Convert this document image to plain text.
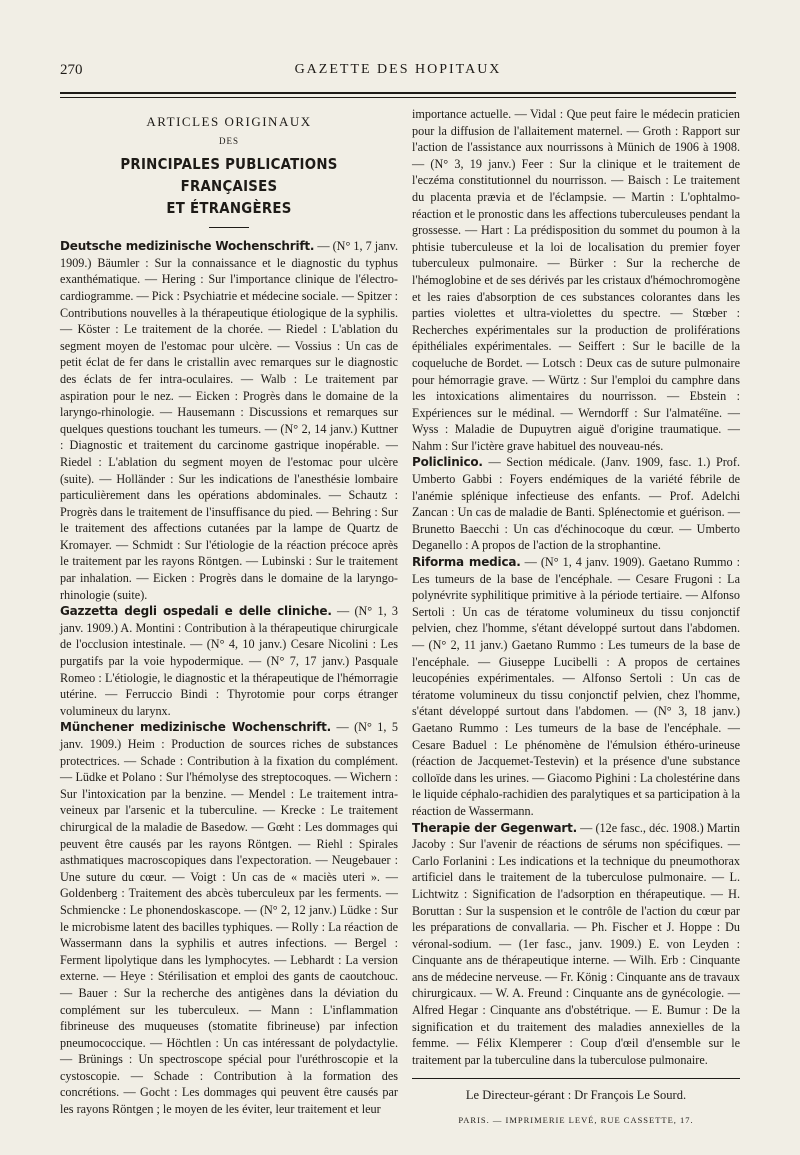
270	GAZETTE DES HOPITAUX
ARTICLES ORIGINAUX
DES
PRINCIPALES PUBLICATIONS FRANÇAISES
ET ÉTRANGÈRES

Deutsche medizinische Wochenschrift. — (N° 1, 7 janv. 1909.) Bäumler : Sur la connaissance et le diagnostic du typhus exanthématique. — Hering : Sur l'importance clinique de l'électro-cardiogramme. — Pick : Psychiatrie et médecine sociale. — Spitzer : Contributions nouvelles à la thérapeutique étiologique de la syphilis. — Köster : Le traitement de la chorée. — Riedel : L'ablation du segment moyen de l'estomac pour ulcère. — Vossius : Un cas de petit éclat de fer dans le cristallin avec remarques sur le diagnostic des éclats de fer intra-oculaires. — Walb : Le traitement par aspiration pour le nez. — Eicken : Progrès dans le domaine de la laryngo-rhinologie. — Hausemann : Discussions et remarques sur quelques questions touchant les tumeurs. — (N° 2, 14 janv.) Kuttner : Diagnostic et traitement du carcinome gastrique inopérable. — Riedel : L'ablation du segment moyen de l'estomac pour ulcère (suite). — Holländer : Sur les indications de l'anesthésie lombaire particulièrement dans les opérations abdominales. — Schautz : Progrès dans le traitement de l'insuffisance du pied. — Behring : Sur le traitement des affections cutanées par la lampe de Quartz de Kromayer. — Schmidt : Sur l'étiologie de la réaction précoce après le traitement par les rayons Röntgen. — Lubinski : Sur le traitement par inhalation. — Eicken : Progrès dans le domaine de la laryngo-rhinologie (suite).

Gazzetta degli ospedali e delle cliniche. — (N° 1, 3 janv. 1909.) A. Montini : Contribution à la thérapeutique chirurgicale de l'occlusion intestinale. — (N° 4, 10 janv.) Cesare Nicolini : Les purgatifs par la voie hypodermique. — (N° 7, 17 janv.) Pasquale Romeo : L'étiologie, le diagnostic et la thérapeutique de l'hémorragie utérine. — Ferruccio Bindi : Thyrotomie pour corps étranger volumineux du larynx.

Münchener medizinische Wochenschrift. — (N° 1, 5 janv. 1909.) Heim : Production de sources riches de substances protectrices. — Schade : Contribution à la fixation du complément. — Lüdke et Polano : Sur l'hémolyse des streptocoques. — Wichern : Sur l'intoxication par la benzine. — Mendel : Le traitement intra-veineux par l'arsenic et la tuberculine. — Krecke : Le traitement chirurgical de la maladie de Basedow. — Gœht : Les dommages qui peuvent être causés par les rayons Röntgen. — Riehl : Spirales asthmatiques macroscopiques dans l'expectoration. — Neugebauer : Une suture du cœur. — Voigt : Un cas de « maciès uteri ». — Goldenberg : Traitement des abcès tuberculeux par les ferments. — Schmiencke : Le phonendoskascope. — (N° 2, 12 janv.) Lüdke : Sur le microbisme latent des bacilles typhiques. — Rolly : La réaction de Wassermann dans la syphilis et autres infections. — Bergel : Ferment lipolytique dans les lymphocytes. — Lebhardt : La version externe. — Heye : Stérilisation et emploi des gants de caoutchouc. — Bauer : Sur la recherche des antigènes dans la déviation du complément sur les tuberculeux. — Mann : L'inflammation fibrineuse des muqueuses (stomatite fibrineuse) par infection pneumococcique. — Höchtlen : Un cas intéressant de polydactylie. — Brünings : Un spectroscope spécial pour l'uréthroscopie et la cystoscopie. — Schade : Contribution à la formation des concrétions. — Gocht : Les dommages qui peuvent être causés par les rayons Röntgen ; le moyen de les éviter, leur traitement et leur

importance actuelle. — Vidal : Que peut faire le médecin praticien pour la diffusion de l'allaitement maternel. — Groth : Rapport sur l'action de l'assistance aux nourrissons à Münich de 1906 à 1908. — (N° 3, 19 janv.) Feer : Sur la clinique et le traitement de l'eczéma constitutionnel du nourrisson. — Baisch : Le traitement du placenta prævia et de l'éclampsie. — Martin : L'ophtalmo-réaction et le pronostic dans les affections tuberculeuses pendant la grossesse. — Hart : La prédisposition du sommet du poumon à la phtisie tuberculeuse et la loi de localisation du premier foyer tuberculeux pulmonaire. — Bürker : Sur la recherche de l'hémoglobine et de ses dérivés par les cristaux d'hémochromogène et les raies d'absorption de ces substances colorantes dans les parties violettes et ultra-violettes du spectre. — Stœber : Recherches expérimentales sur la production de proliférations épithéliales expérimentales. — Seiffert : Sur le bacille de la coqueluche de Bordet. — Lotsch : Deux cas de suture pulmonaire pour hémorragie grave. — Würtz : Sur l'emploi du camphre dans les intoxications alimentaires du nourrisson. — Ebstein : Expériences sur le médinal. — Werndorff : Sur l'almatéïne. — Wyss : Maladie de Dupuytren aiguë d'origine traumatique. — Nahm : Sur l'ictère grave habituel des nouveau-nés.

Policlinico. — Section médicale. (Janv. 1909, fasc. 1.) Prof. Umberto Gabbi : Foyers endémiques de la variété fébrile de l'anémie splénique infectieuse des enfants. — Prof. Adelchi Zancan : Un cas de maladie de Banti. Splénectomie et guérison. — Brunetto Baecchi : Un cas d'échinocoque du cœur. — Umberto Deganello : A propos de l'action de la strophantine.

Riforma medica. — (N° 1, 4 janv. 1909). Gaetano Rummo : Les tumeurs de la base de l'encéphale. — Cesare Frugoni : La polynévrite syphilitique primitive à la période tertiaire. — Alfonso Sertoli : Un cas de tératome volumineux du tissu conjonctif pelvien, chez l'homme, s'étant développé surtout dans l'abdomen. — (N° 2, 11 janv.) Gaetano Rummo : Les tumeurs de la base de l'encéphale. — Giuseppe Lucibelli : A propos de certaines leucopénies expérimentales. — Alfonso Sertoli : Un cas de tératome volumineux du tissu conjonctif pelvien, chez l'homme, s'étant développé surtout dans l'abdomen. — (N° 3, 18 janv.) Gaetano Rummo : Les tumeurs de la base de l'encéphale. — Cesare Baduel : Le phénomène de l'émulsion éthéro-urineuse (réaction de Jacquemet-Testevin) et la présence d'une substance colloïde dans les urines. — Giacomo Pighini : La cholestérine dans le liquide céphalo-rachidien des paralytiques et sa participation à la réaction de Wassermann.

Therapie der Gegenwart. — (12e fasc., déc. 1908.) Martin Jacoby : Sur l'avenir de réactions de sérums non spécifiques. — Carlo Forlanini : Les indications et la technique du pneumothorax artificiel dans le traitement de la tuberculose pulmonaire. — L. Lichtwitz : Signification de l'adsorption en thérapeutique. — H. Boruttan : Sur la suspension et le contrôle de l'action du cœur par les préparations de convallaria. — Ph. Fischer et J. Hoppe : Du véronal-sodium. — (1er fasc., janv. 1909.) E. von Leyden : Cinquante ans de thérapeutique interne. — Wilh. Erb : Cinquante ans de médecine nerveuse. — Fr. König : Cinquante ans de travaux chirurgicaux. — W. A. Freund : Cinquante ans de gynécologie. — Alfred Hegar : Cinquante ans d'obstétrique. — E. Bumur : De la signification et du traitement des maladies annexielles de la femme. — Félix Klemperer : Coup d'œil d'ensemble sur le traitement par la tuberculine dans la tuberculose pulmonaire.

Le Directeur-gérant : Dr François Le Sourd.
PARIS. — IMPRIMERIE LEVÉ, RUE CASSETTE, 17.
